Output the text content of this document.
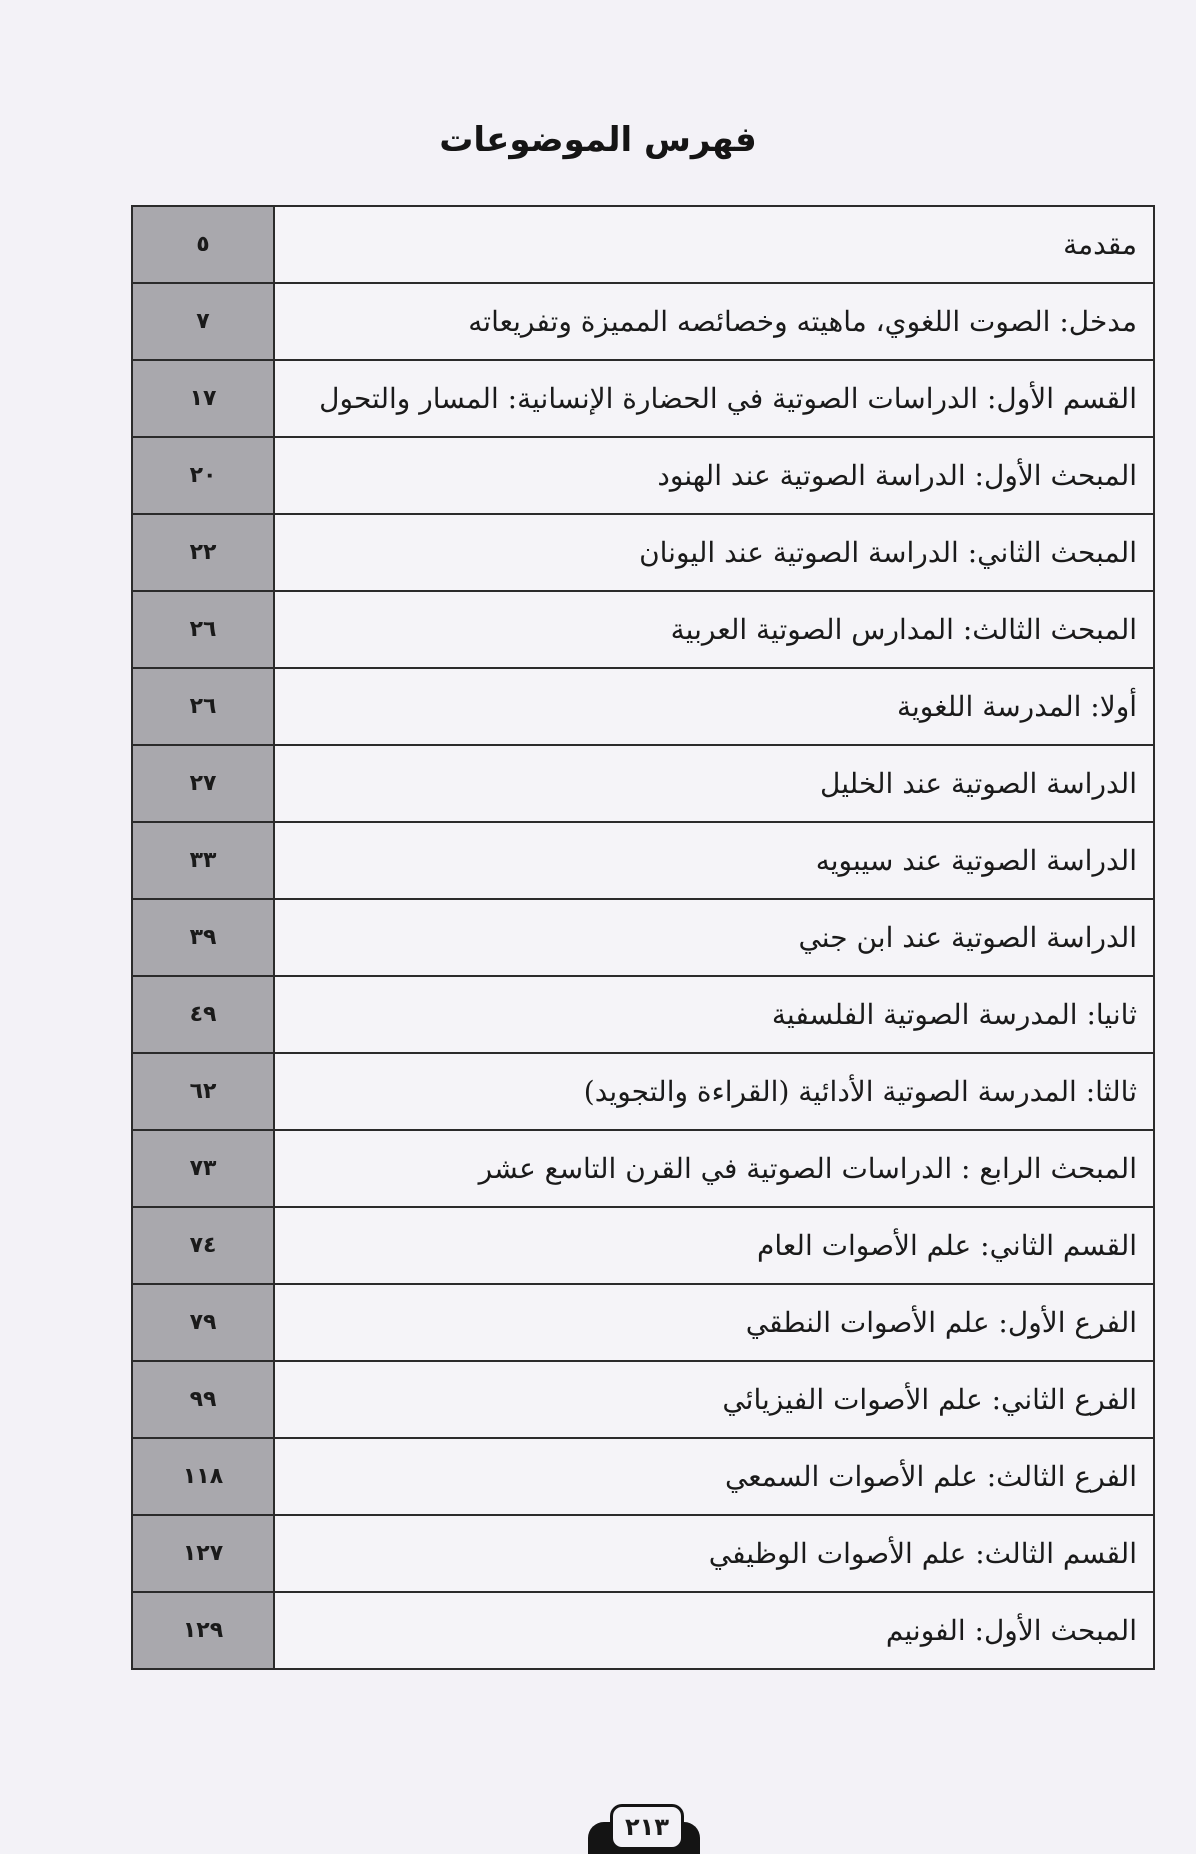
فهرس الموضوعات
مقدمة	٥
مدخل: الصوت اللغوي، ماهيته وخصائصه المميزة وتفريعاته	٧
القسم الأول: الدراسات الصوتية في الحضارة الإنسانية: المسار والتحول	١٧
المبحث الأول: الدراسة الصوتية عند الهنود	٢٠
المبحث الثاني: الدراسة الصوتية عند اليونان	٢٢
المبحث الثالث: المدارس الصوتية العربية	٢٦
أولا: المدرسة اللغوية	٢٦
الدراسة الصوتية عند الخليل	٢٧
الدراسة الصوتية عند سيبويه	٣٣
الدراسة الصوتية عند ابن جني	٣٩
ثانيا: المدرسة الصوتية الفلسفية	٤٩
ثالثا: المدرسة الصوتية الأدائية (القراءة والتجويد)	٦٢
المبحث الرابع : الدراسات الصوتية في القرن التاسع عشر	٧٣
القسم الثاني: علم الأصوات العام	٧٤
الفرع الأول: علم الأصوات النطقي	٧٩
الفرع الثاني: علم الأصوات الفيزيائي	٩٩
الفرع الثالث: علم الأصوات السمعي	١١٨
القسم الثالث: علم الأصوات الوظيفي	١٢٧
المبحث الأول: الفونيم	١٢٩
٢١٣
